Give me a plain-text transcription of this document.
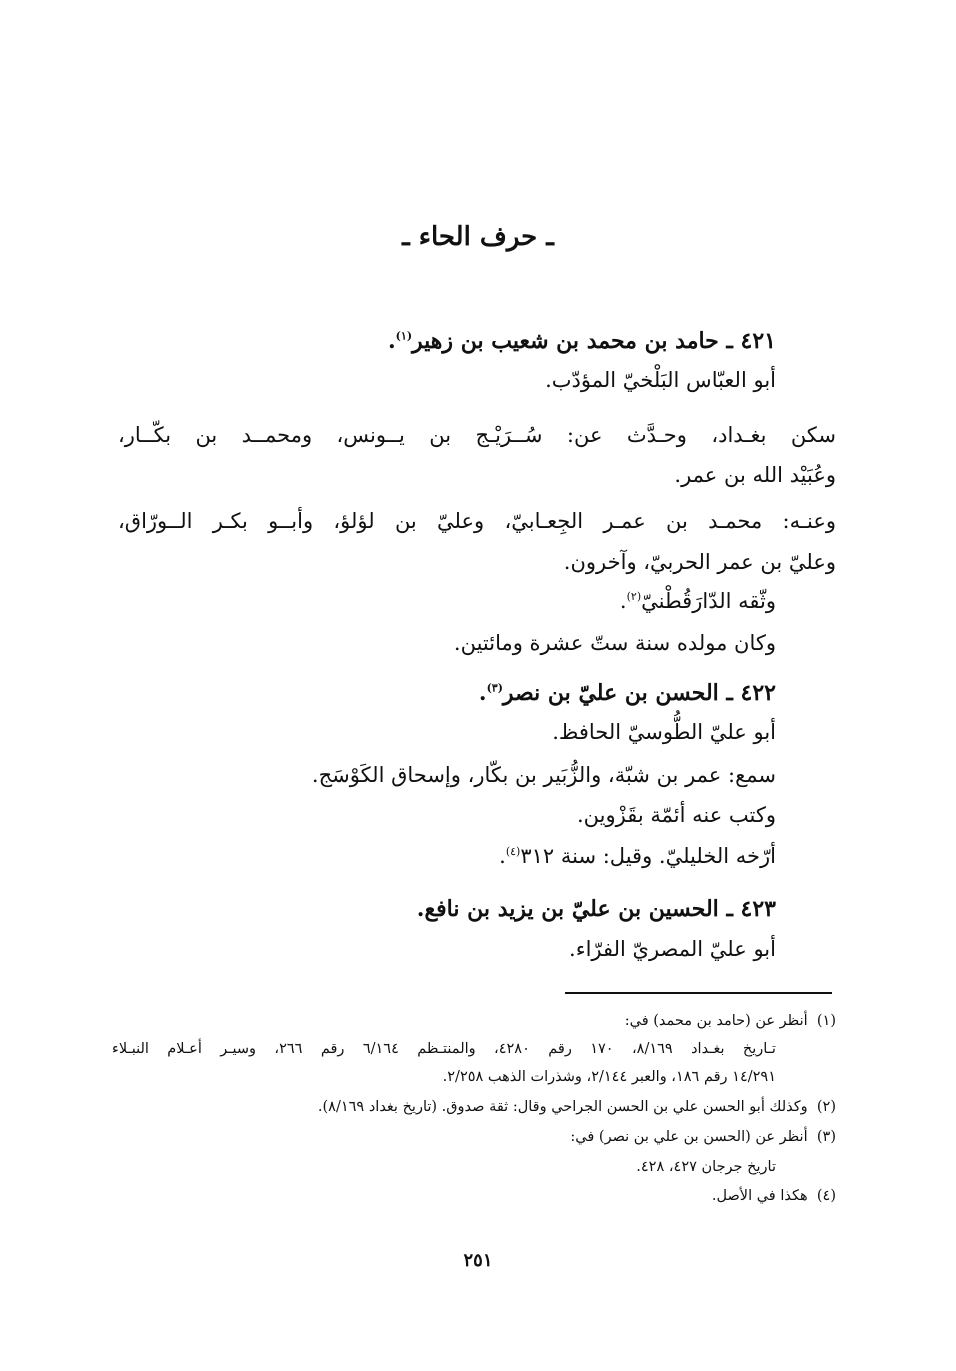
ـ حرف الحاء ـ
٤٢١ ـ حامد بن محمد بن شعيب بن زهير$^{(١)}$.
أبو العبّاس البَلْخيّ المؤدّب.
سكن بغـداد، وحـدَّث عن: سُــرَيْـج بن يــونس، ومحمــد بن بكّــار،
وعُبَيْد الله بن عمر.
وعنـه: محمـد بن عمـر الجِعـابيّ، وعليّ بن لؤلؤ، وأبــو بكـر الــورّاق،
وعليّ بن عمر الحربيّ، وآخرون.
وثّقه الدّارَقُطْنيّ$^{(٢)}$.
وكان مولده سنة ستّ عشرة ومائتين.
٤٢٢ ـ الحسن بن عليّ بن نصر$^{(٣)}$.
أبو عليّ الطُّوسيّ الحافظ.
سمع: عمر بن شبّة، والزُّبَير بن بكّار، وإسحاق الكَوْسَج.
وكتب عنه أئمّة بقَزْوين.
أرّخه الخليليّ. وقيل: سنة ٣١٢$^{(٤)}$.
٤٢٣ ـ الحسين بن عليّ بن يزيد بن نافع.
أبو عليّ المصريّ الفرّاء.
(١)  أنظر عن (حامد بن محمد) في:
تـاريخ بغـداد ٨/١٦٩، ١٧٠ رقم ٤٢٨٠، والمنتـظم ٦/١٦٤ رقم ٢٦٦، وسيـر أعـلام النبـلاء
١٤/٢٩١ رقم ١٨٦، والعبر ٢/١٤٤، وشذرات الذهب ٢/٢٥٨.
(٢)  وكذلك أبو الحسن علي بن الحسن الجراحي وقال: ثقة صدوق. (تاريخ بغداد ٨/١٦٩).
(٣)  أنظر عن (الحسن بن علي بن نصر) في:
تاريخ جرجان ٤٢٧، ٤٢٨.
(٤)  هكذا في الأصل.
٢٥١
